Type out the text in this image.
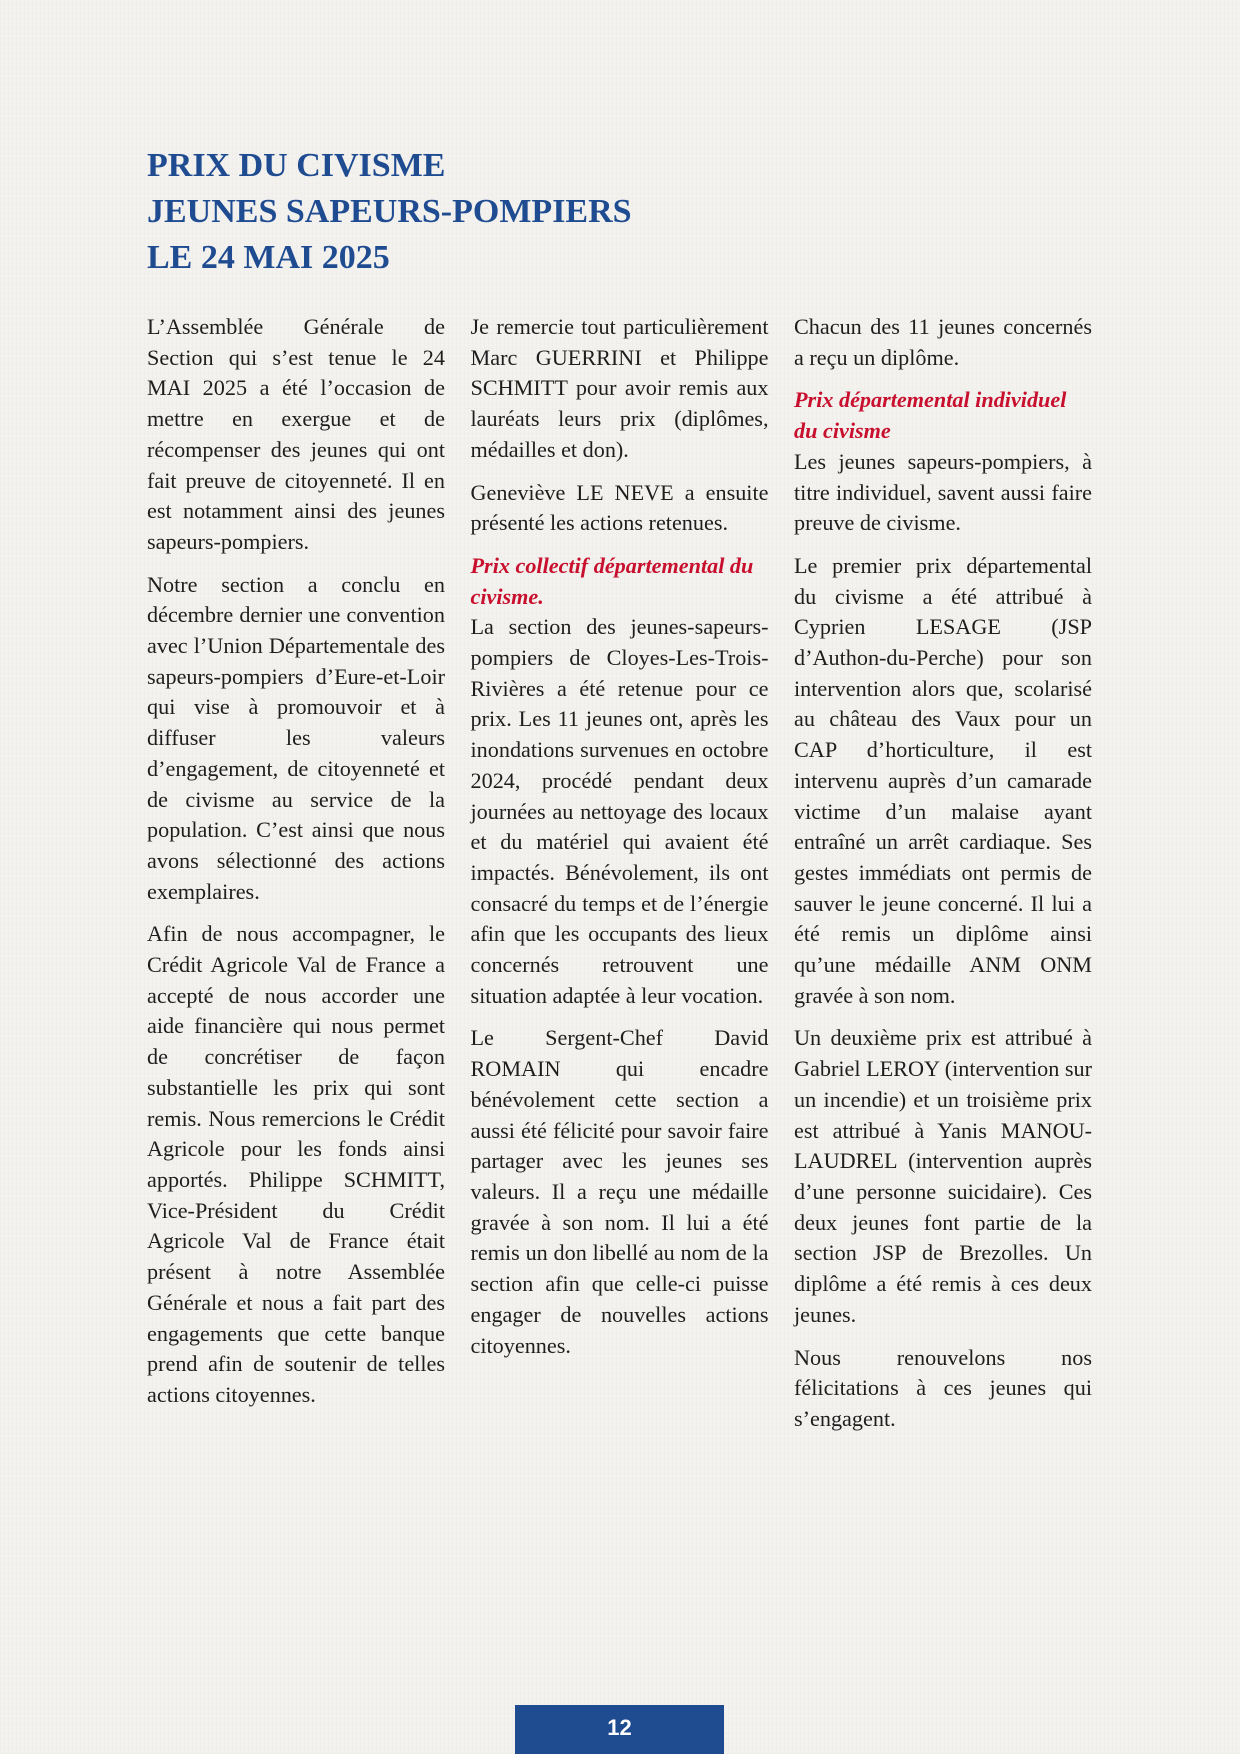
PRIX DU CIVISME
JEUNES SAPEURS-POMPIERS
LE 24 MAI 2025

L’Assemblée Générale de Section qui s’est tenue le 24 MAI 2025 a été l’occasion de mettre en exergue et de récompenser des jeunes qui ont fait preuve de citoyenneté. Il en est notamment ainsi des jeunes sapeurs-pompiers.

Notre section a conclu en décembre dernier une convention avec l’Union Départementale des sapeurs-pompiers d’Eure-et-Loir qui vise à promouvoir et à diffuser les valeurs d’engagement, de citoyenneté et de civisme au service de la population. C’est ainsi que nous avons sélectionné des actions exemplaires.

Afin de nous accompagner, le Crédit Agricole Val de France a accepté de nous accorder une aide financière qui nous permet de concrétiser de façon substantielle les prix qui sont remis. Nous remercions le Crédit Agricole pour les fonds ainsi apportés. Philippe SCHMITT, Vice-Président du Crédit Agricole Val de France était présent à notre Assemblée Générale et nous a fait part des engagements que cette banque prend afin de soutenir de telles actions citoyennes.

Je remercie tout particulièrement Marc GUERRINI et Philippe SCHMITT pour avoir remis aux lauréats leurs prix (diplômes, médailles et don).

Geneviève LE NEVE a ensuite présenté les actions retenues.

Prix collectif départemental du civisme.

La section des jeunes-sapeurs-pompiers de Cloyes-Les-Trois-Rivières a été retenue pour ce prix. Les 11 jeunes ont, après les inondations survenues en octobre 2024, procédé pendant deux journées au nettoyage des locaux et du matériel qui avaient été impactés. Bénévolement, ils ont consacré du temps et de l’énergie afin que les occupants des lieux concernés retrouvent une situation adaptée à leur vocation.

Le Sergent-Chef David ROMAIN qui encadre bénévolement cette section a aussi été félicité pour savoir faire partager avec les jeunes ses valeurs. Il a reçu une médaille gravée à son nom. Il lui a été remis un don libellé au nom de la section afin que celle-ci puisse engager de nouvelles actions citoyennes.

Chacun des 11 jeunes concernés a reçu un diplôme.

Prix départemental individuel du civisme

Les jeunes sapeurs-pompiers, à titre individuel, savent aussi faire preuve de civisme.

Le premier prix départemental du civisme a été attribué à Cyprien LESAGE (JSP d’Authon-du-Perche) pour son intervention alors que, scolarisé au château des Vaux pour un CAP d’horticulture, il est intervenu auprès d’un camarade victime d’un malaise ayant entraîné un arrêt cardiaque. Ses gestes immédiats ont permis de sauver le jeune concerné. Il lui a été remis un diplôme ainsi qu’une médaille ANM ONM gravée à son nom.

Un deuxième prix est attribué à Gabriel LEROY (intervention sur un incendie) et un troisième prix est attribué à Yanis MANOU-LAUDREL (intervention auprès d’une personne suicidaire). Ces deux jeunes font partie de la section JSP de Brezolles. Un diplôme a été remis à ces deux jeunes.

Nous renouvelons nos félicitations à ces jeunes qui s’engagent.

12
